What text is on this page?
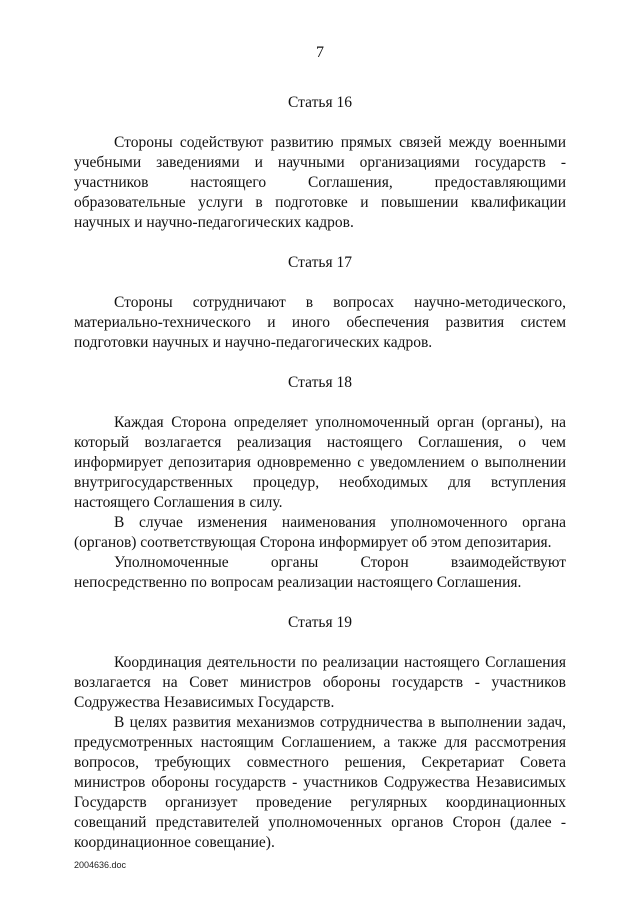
7
Статья 16

Стороны содействуют развитию прямых связей между военными учебными заведениями и научными организациями государств - участников настоящего Соглашения, предоставляющими образовательные услуги в подготовке и повышении квалификации научных и научно-педагогических кадров.

Статья 17

Стороны сотрудничают в вопросах научно-методического, материально-технического и иного обеспечения развития систем подготовки научных и научно-педагогических кадров.

Статья 18

Каждая Сторона определяет уполномоченный орган (органы), на который возлагается реализация настоящего Соглашения, о чем информирует депозитария одновременно с уведомлением о выполнении внутригосударственных процедур, необходимых для вступления настоящего Соглашения в силу.

В случае изменения наименования уполномоченного органа (органов) соответствующая Сторона информирует об этом депозитария.

Уполномоченные органы Сторон взаимодействуют непосредственно по вопросам реализации настоящего Соглашения.

Статья 19

Координация деятельности по реализации настоящего Соглашения возлагается на Совет министров обороны государств - участников Содружества Независимых Государств.

В целях развития механизмов сотрудничества в выполнении задач, предусмотренных настоящим Соглашением, а также для рассмотрения вопросов, требующих совместного решения, Секретариат Совета министров обороны государств - участников Содружества Независимых Государств организует проведение регулярных координационных совещаний представителей уполномоченных органов Сторон (далее - координационное совещание).

2004636.doc
